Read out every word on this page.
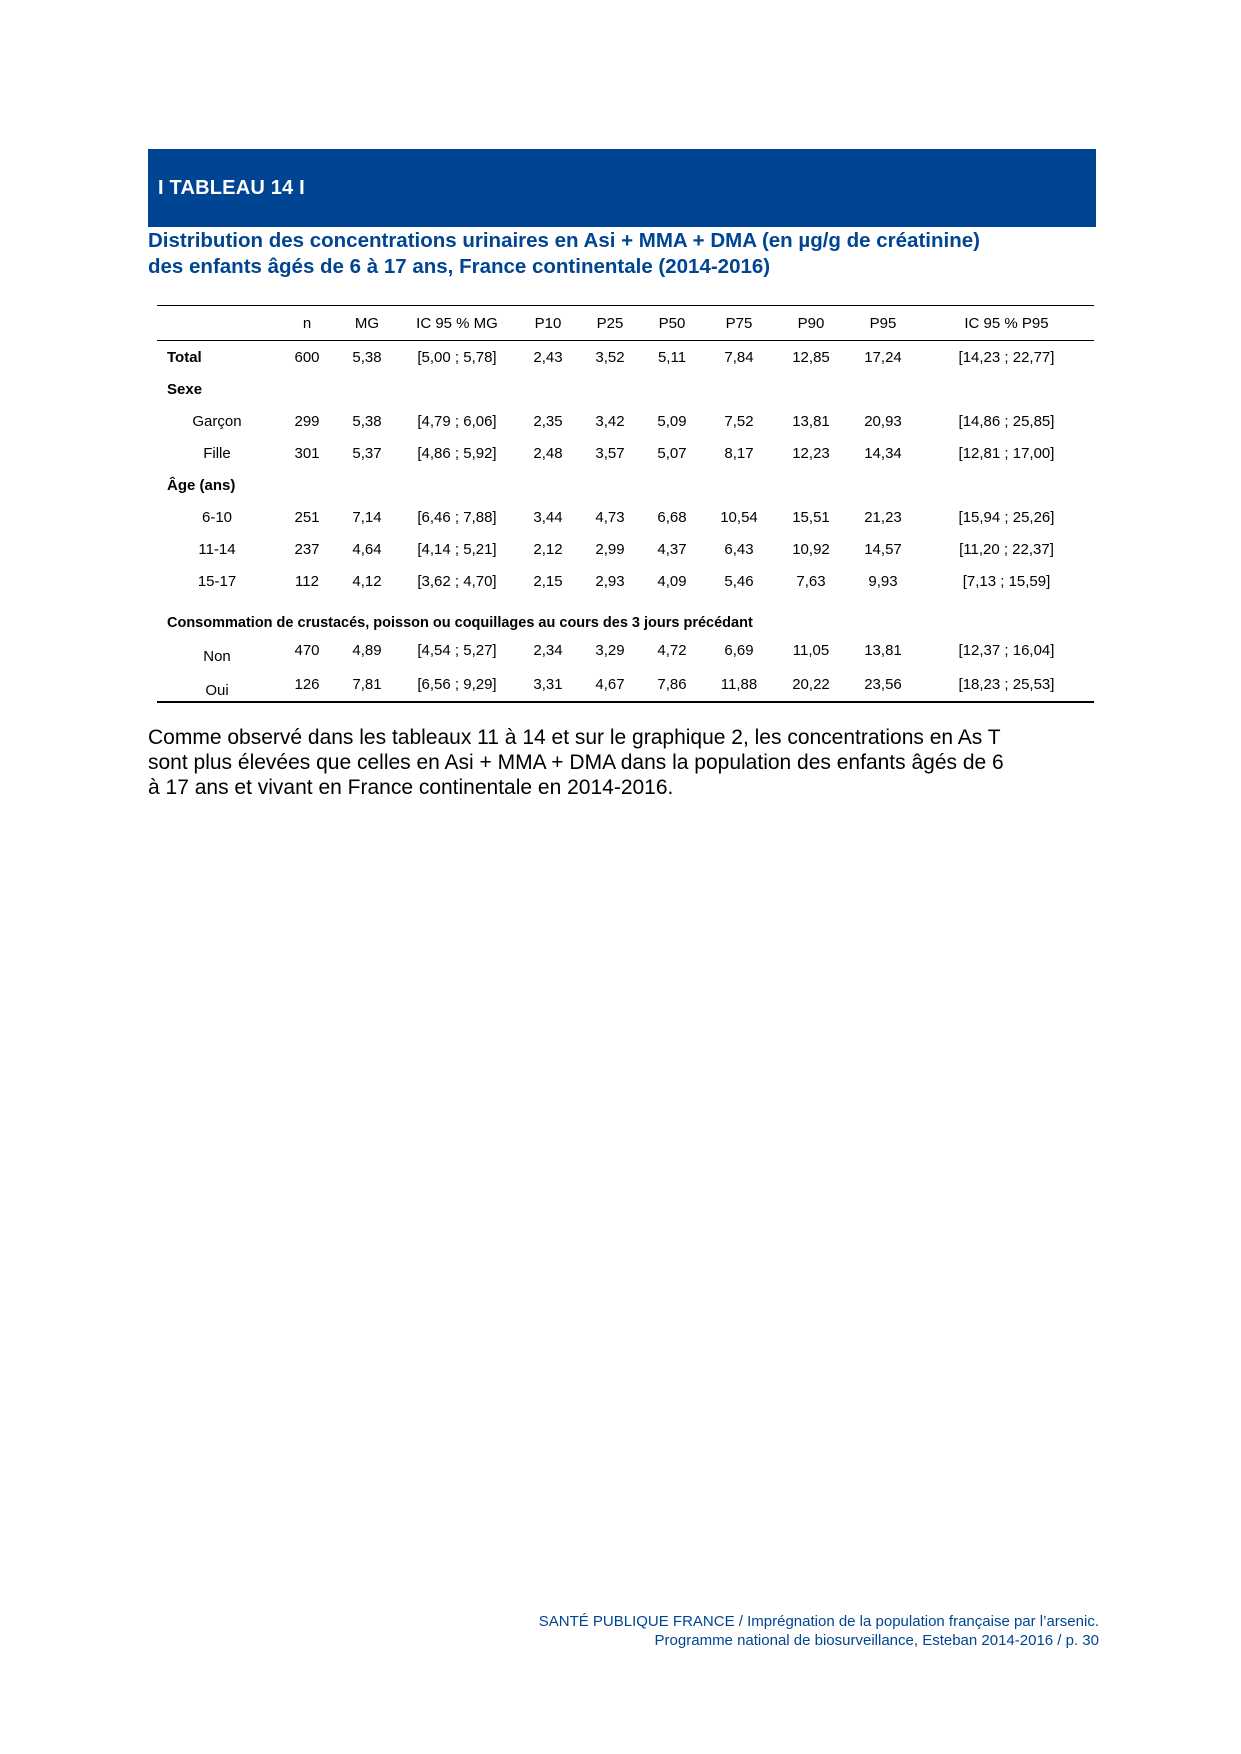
I TABLEAU 14 I
Distribution des concentrations urinaires en Asi + MMA + DMA (en µg/g de créatinine)
des enfants âgés de 6 à 17 ans, France continentale (2014-2016)
	n	MG	IC 95 % MG	P10	P25	P50	P75	P90	P95	IC 95 % P95
Total	600	5,38	[5,00 ; 5,78]	2,43	3,52	5,11	7,84	12,85	17,24	[14,23 ; 22,77]
Sexe										
Garçon	299	5,38	[4,79 ; 6,06]	2,35	3,42	5,09	7,52	13,81	20,93	[14,86 ; 25,85]
Fille	301	5,37	[4,86 ; 5,92]	2,48	3,57	5,07	8,17	12,23	14,34	[12,81 ; 17,00]
Âge (ans)										
6-10	251	7,14	[6,46 ; 7,88]	3,44	4,73	6,68	10,54	15,51	21,23	[15,94 ; 25,26]
11-14	237	4,64	[4,14 ; 5,21]	2,12	2,99	4,37	6,43	10,92	14,57	[11,20 ; 22,37]
15-17	112	4,12	[3,62 ; 4,70]	2,15	2,93	4,09	5,46	7,63	9,93	[7,13 ; 15,59]
Consommation de crustacés, poisson ou coquillages au cours des 3 jours précédant										
Non	470	4,89	[4,54 ; 5,27]	2,34	3,29	4,72	6,69	11,05	13,81	[12,37 ; 16,04]
Oui	126	7,81	[6,56 ; 9,29]	3,31	4,67	7,86	11,88	20,22	23,56	[18,23 ; 25,53]
Comme observé dans les tableaux 11 à 14 et sur le graphique 2, les concentrations en As T
sont plus élevées que celles en Asi + MMA + DMA dans la population des enfants âgés de 6
à 17 ans et vivant en France continentale en 2014-2016.
SANTÉ PUBLIQUE FRANCE / Imprégnation de la population française par l’arsenic.
Programme national de biosurveillance, Esteban 2014-2016 / p. 30
